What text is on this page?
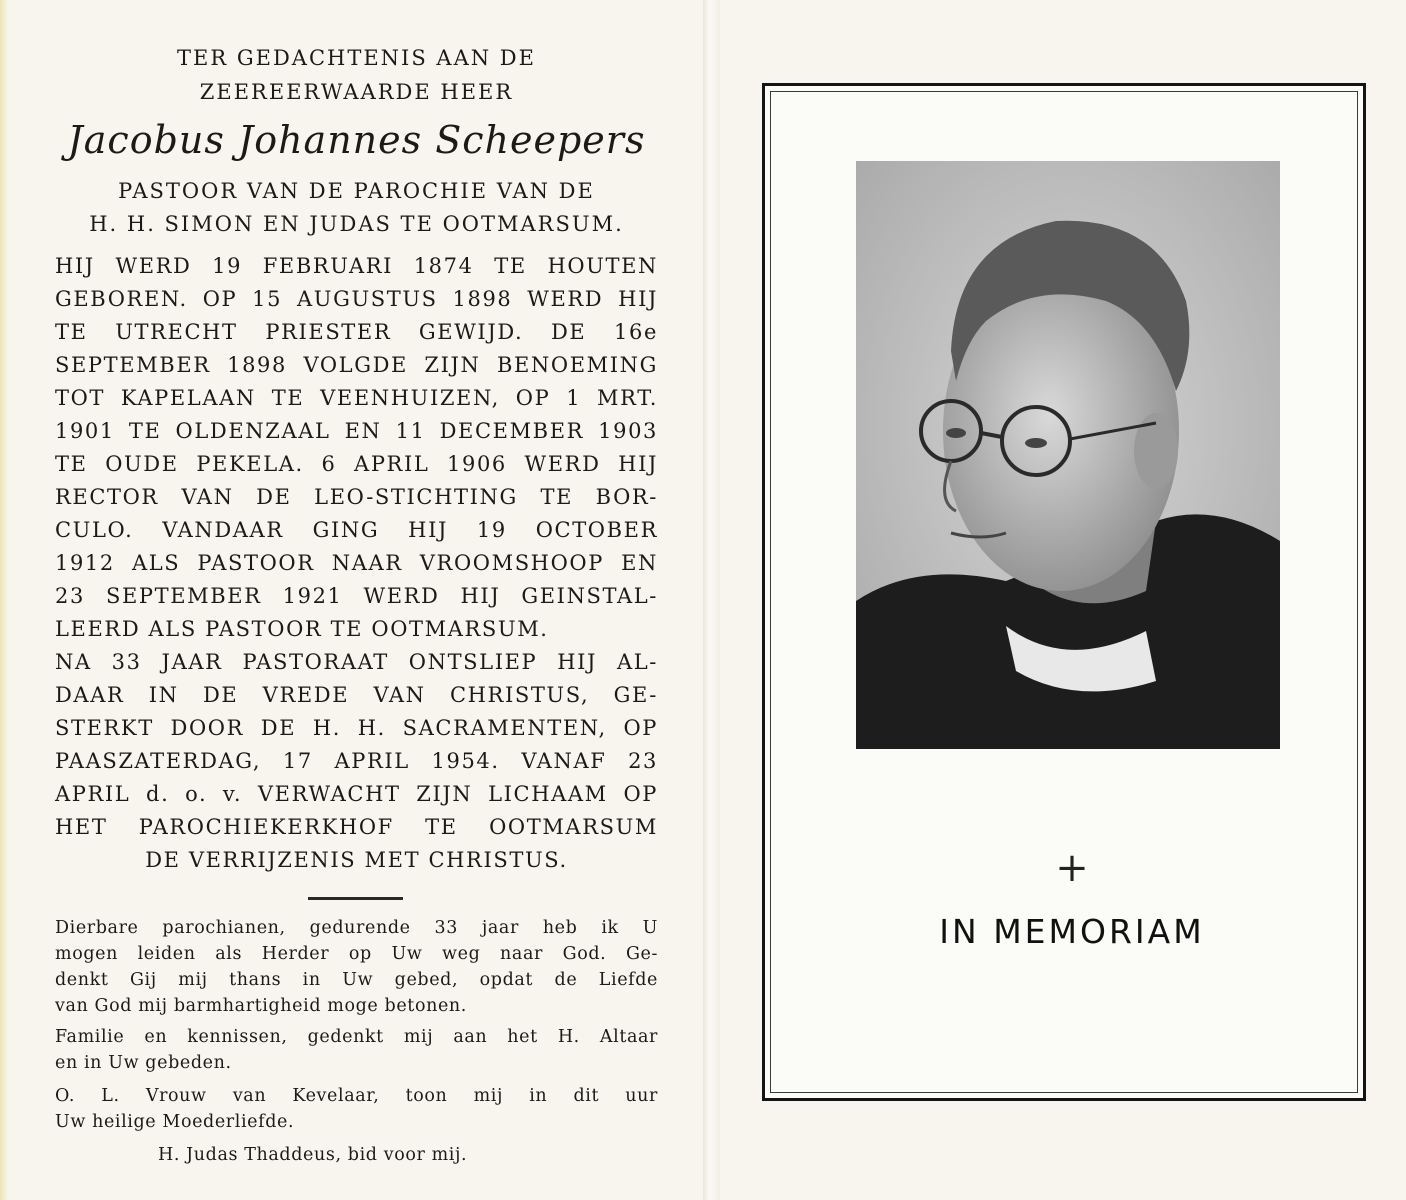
TER GEDACHTENIS AAN DE
ZEEREERWAARDE HEER
Jacobus Johannes Scheepers
PASTOOR VAN DE PAROCHIE VAN DE
H. H. SIMON EN JUDAS TE OOTMARSUM.
HIJ WERD 19 FEBRUARI 1874 TE HOUTEN
GEBOREN. OP 15 AUGUSTUS 1898 WERD HIJ
TE UTRECHT PRIESTER GEWIJD. DE 16e
SEPTEMBER 1898 VOLGDE ZIJN BENOEMING
TOT KAPELAAN TE VEENHUIZEN, OP 1 MRT.
1901 TE OLDENZAAL EN 11 DECEMBER 1903
TE OUDE PEKELA. 6 APRIL 1906 WERD HIJ
RECTOR VAN DE LEO-STICHTING TE BOR-
CULO. VANDAAR GING HIJ 19 OCTOBER
1912 ALS PASTOOR NAAR VROOMSHOOP EN
23 SEPTEMBER 1921 WERD HIJ GEINSTAL-
LEERD ALS PASTOOR TE OOTMARSUM.
NA 33 JAAR PASTORAAT ONTSLIEP HIJ AL-
DAAR IN DE VREDE VAN CHRISTUS, GE-
STERKT DOOR DE H. H. SACRAMENTEN, OP
PAASZATERDAG, 17 APRIL 1954. VANAF 23
APRIL d. o. v. VERWACHT ZIJN LICHAAM OP
HET PAROCHIEKERKHOF TE OOTMARSUM
DE VERRIJZENIS MET CHRISTUS.
Dierbare parochianen, gedurende 33 jaar heb ik U
mogen leiden als Herder op Uw weg naar God. Ge-
denkt Gij mij thans in Uw gebed, opdat de Liefde
van God mij barmhartigheid moge betonen.
Familie en kennissen, gedenkt mij aan het H. Altaar
en in Uw gebeden.
O. L. Vrouw van Kevelaar, toon mij in dit uur
Uw heilige Moederliefde.
H. Judas Thaddeus, bid voor mij.
+
IN MEMORIAM
